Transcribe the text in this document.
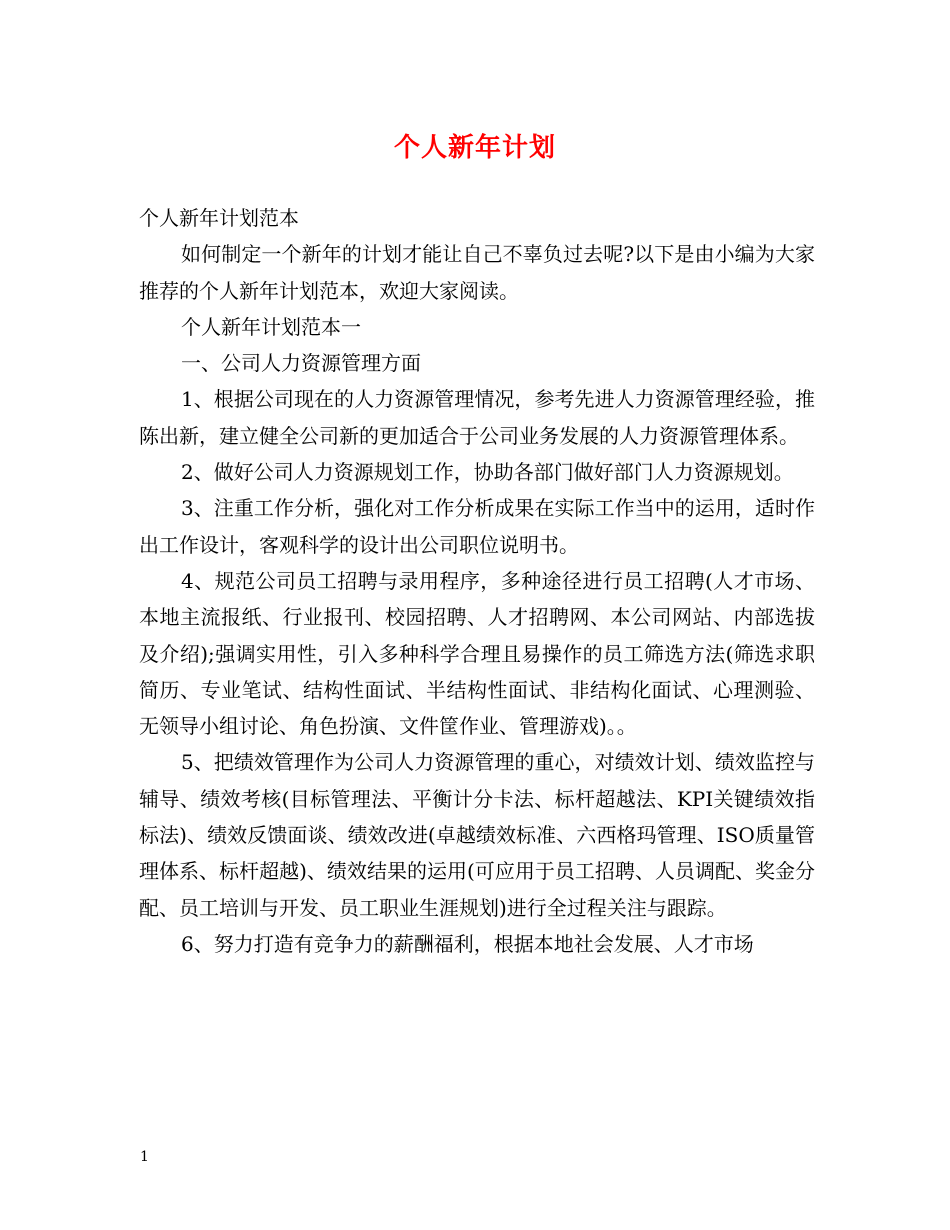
个人新年计划

个人新年计划范本

如何制定一个新年的计划才能让自己不辜负过去呢?以下是由小编为大家推荐的个人新年计划范本，欢迎大家阅读。

个人新年计划范本一

一、公司人力资源管理方面

1、根据公司现在的人力资源管理情况，参考先进人力资源管理经验，推陈出新，建立健全公司新的更加适合于公司业务发展的人力资源管理体系。

2、做好公司人力资源规划工作，协助各部门做好部门人力资源规划。

3、注重工作分析，强化对工作分析成果在实际工作当中的运用，适时作出工作设计，客观科学的设计出公司职位说明书。

4、规范公司员工招聘与录用程序，多种途径进行员工招聘(人才市场、本地主流报纸、行业报刊、校园招聘、人才招聘网、本公司网站、内部选拔及介绍);强调实用性，引入多种科学合理且易操作的员工筛选方法(筛选求职简历、专业笔试、结构性面试、半结构性面试、非结构化面试、心理测验、无领导小组讨论、角色扮演、文件筐作业、管理游戏)。。

5、把绩效管理作为公司人力资源管理的重心，对绩效计划、绩效监控与辅导、绩效考核(目标管理法、平衡计分卡法、标杆超越法、KPI关键绩效指标法)、绩效反馈面谈、绩效改进(卓越绩效标准、六西格玛管理、ISO质量管理体系、标杆超越)、绩效结果的运用(可应用于员工招聘、人员调配、奖金分配、员工培训与开发、员工职业生涯规划)进行全过程关注与跟踪。

6、努力打造有竞争力的薪酬福利，根据本地社会发展、人才市场

1
